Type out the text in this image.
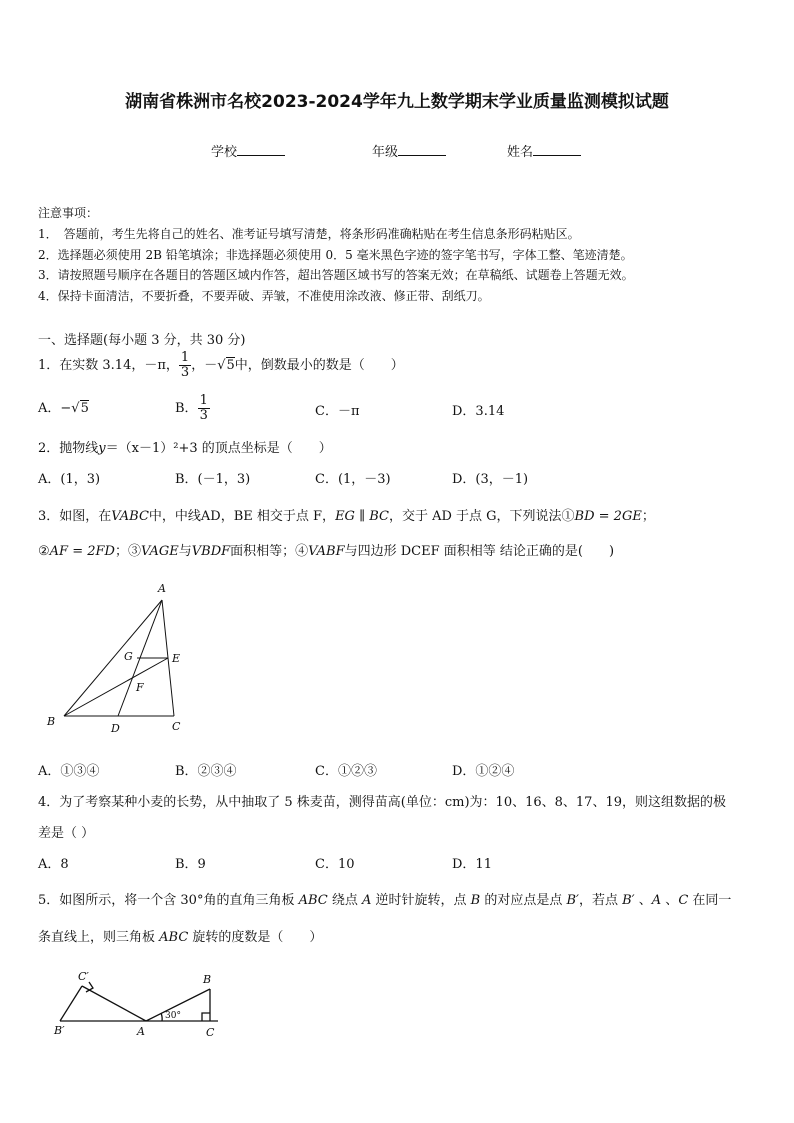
湖南省株洲市名校2023-2024学年九上数学期末学业质量监测模拟试题
学校	年级	姓名
注意事项：
1．　答题前，考生先将自己的姓名、准考证号填写清楚，将条形码准确粘贴在考生信息条形码粘贴区。
2．选择题必须使用 2B 铅笔填涂；非选择题必须使用 0．5 毫米黑色字迹的签字笔书写，字体工整、笔迹清楚。
3．请按照题号顺序在各题目的答题区域内作答，超出答题区域书写的答案无效；在草稿纸、试题卷上答题无效。
4．保持卡面清洁，不要折叠，不要弄破、弄皱，不准使用涂改液、修正带、刮纸刀。
一、选择题(每小题 3 分，共 30 分)
1．在实数 3.14，－π， $\frac{1}{3}$ ，－√5中，倒数最小的数是（　　）
A．−√5	B． $\frac{1}{3}$	C．－π	D．3.14
2．抛物线y＝（x－1）²+3 的顶点坐标是（　　）
A．(1，3)	B．(－1，3)	C．(1，－3)	D．(3，－1)
3．如图，在VABC中，中线AD，BE 相交于点 F，EG ∥ BC，交于 AD 于点 G，下列说法①BD = 2GE；
②AF = 2FD；③VAGE与VBDF面积相等；④VABF与四边形 DCEF 面积相等 结论正确的是(　　)
A
B	C
D
E
F
G
A．①③④	B．②③④	C．①②③	D．①②④
4．为了考察某种小麦的长势，从中抽取了 5 株麦苗，测得苗高(单位：cm)为：10、16、8、17、19，则这组数据的极
差是（ ）
A．8	B．9	C．10	D．11
5．如图所示，将一个含 30°角的直角三角板 ABC 绕点 A 逆时针旋转，点 B 的对应点是点 B′，若点 B′ 、A 、C 在同一
条直线上，则三角板 ABC 旋转的度数是（　　）
C′
B′	A
B
C
30°
